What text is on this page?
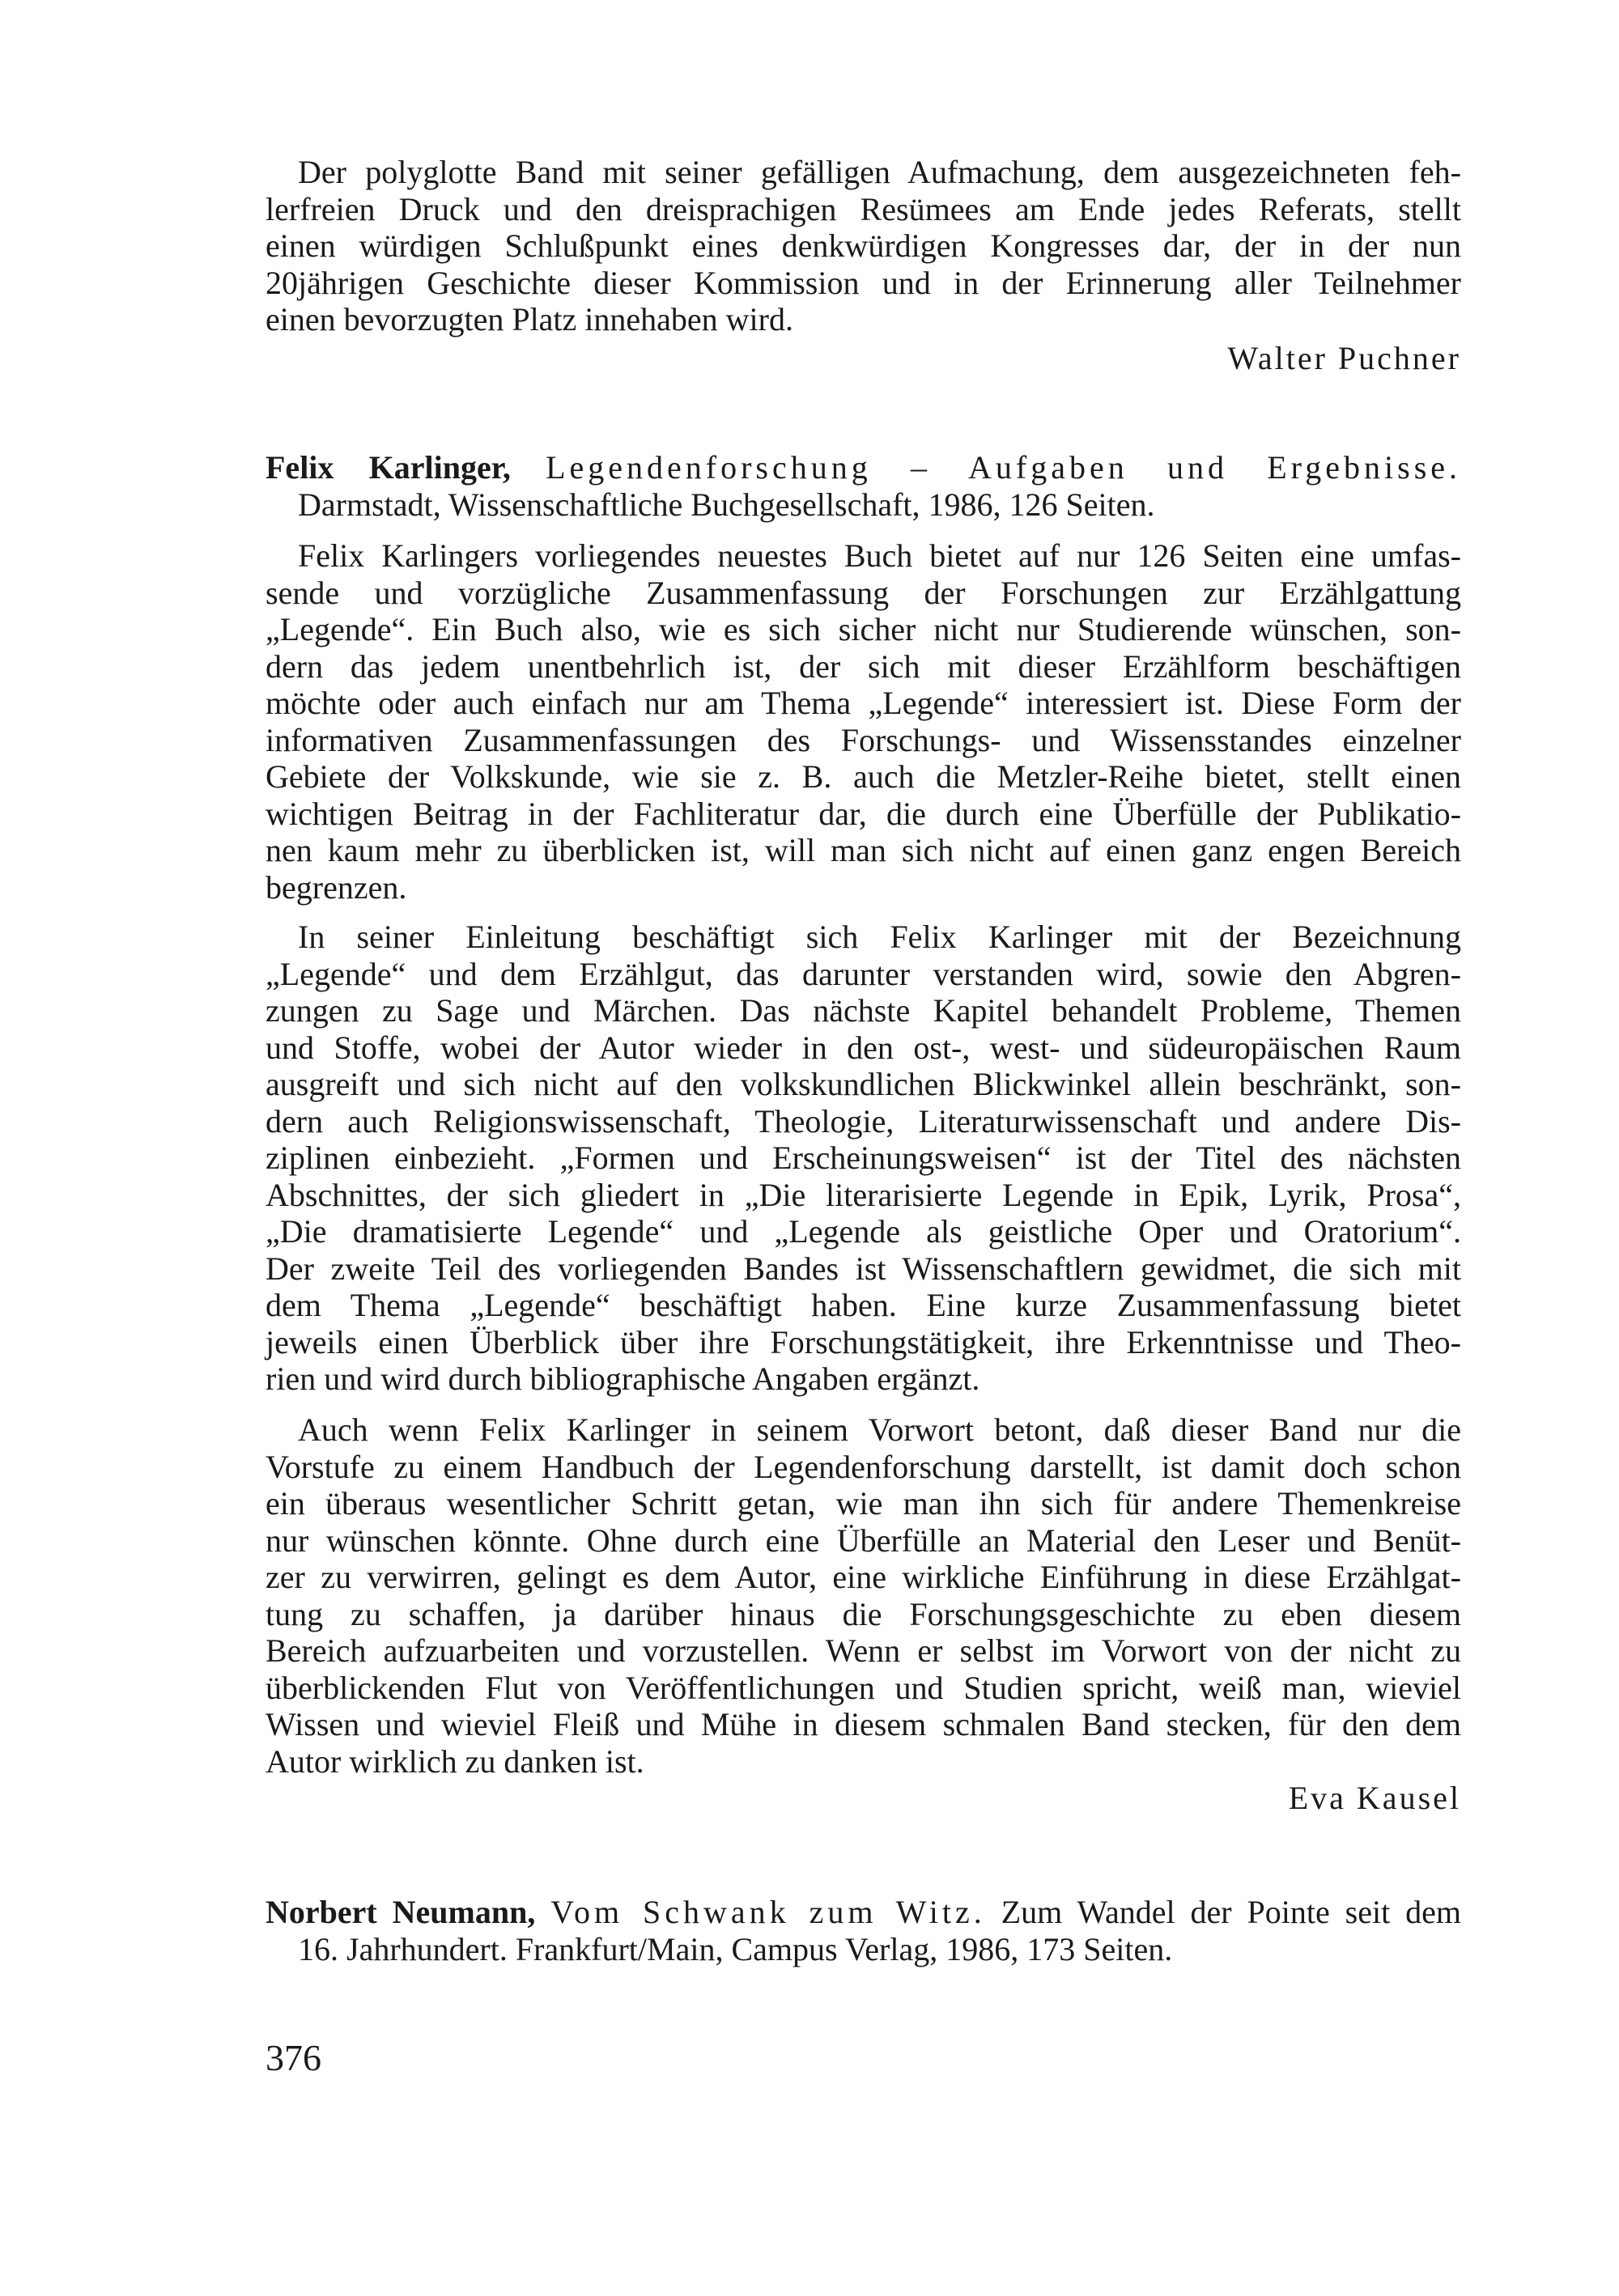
Der polyglotte Band mit seiner gefälligen Aufmachung, dem ausgezeichneten feh-
lerfreien Druck und den dreisprachigen Resümees am Ende jedes Referats, stellt
einen würdigen Schlußpunkt eines denkwürdigen Kongresses dar, der in der nun
20jährigen Geschichte dieser Kommission und in der Erinnerung aller Teilnehmer
einen bevorzugten Platz innehaben wird.
Walter Puchner
Felix Karlinger, Legendenforschung – Aufgaben und Ergebnisse.
Darmstadt, Wissenschaftliche Buchgesellschaft, 1986, 126 Seiten.
Felix Karlingers vorliegendes neuestes Buch bietet auf nur 126 Seiten eine umfas-
sende und vorzügliche Zusammenfassung der Forschungen zur Erzählgattung
„Legende“. Ein Buch also, wie es sich sicher nicht nur Studierende wünschen, son-
dern das jedem unentbehrlich ist, der sich mit dieser Erzählform beschäftigen
möchte oder auch einfach nur am Thema „Legende“ interessiert ist. Diese Form der
informativen Zusammenfassungen des Forschungs- und Wissensstandes einzelner
Gebiete der Volkskunde, wie sie z. B. auch die Metzler-Reihe bietet, stellt einen
wichtigen Beitrag in der Fachliteratur dar, die durch eine Überfülle der Publikatio-
nen kaum mehr zu überblicken ist, will man sich nicht auf einen ganz engen Bereich
begrenzen.
In seiner Einleitung beschäftigt sich Felix Karlinger mit der Bezeichnung
„Legende“ und dem Erzählgut, das darunter verstanden wird, sowie den Abgren-
zungen zu Sage und Märchen. Das nächste Kapitel behandelt Probleme, Themen
und Stoffe, wobei der Autor wieder in den ost-, west- und südeuropäischen Raum
ausgreift und sich nicht auf den volkskundlichen Blickwinkel allein beschränkt, son-
dern auch Religionswissenschaft, Theologie, Literaturwissenschaft und andere Dis-
ziplinen einbezieht. „Formen und Erscheinungsweisen“ ist der Titel des nächsten
Abschnittes, der sich gliedert in „Die literarisierte Legende in Epik, Lyrik, Prosa“,
„Die dramatisierte Legende“ und „Legende als geistliche Oper und Oratorium“.
Der zweite Teil des vorliegenden Bandes ist Wissenschaftlern gewidmet, die sich mit
dem Thema „Legende“ beschäftigt haben. Eine kurze Zusammenfassung bietet
jeweils einen Überblick über ihre Forschungstätigkeit, ihre Erkenntnisse und Theo-
rien und wird durch bibliographische Angaben ergänzt.
Auch wenn Felix Karlinger in seinem Vorwort betont, daß dieser Band nur die
Vorstufe zu einem Handbuch der Legendenforschung darstellt, ist damit doch schon
ein überaus wesentlicher Schritt getan, wie man ihn sich für andere Themenkreise
nur wünschen könnte. Ohne durch eine Überfülle an Material den Leser und Benüt-
zer zu verwirren, gelingt es dem Autor, eine wirkliche Einführung in diese Erzählgat-
tung zu schaffen, ja darüber hinaus die Forschungsgeschichte zu eben diesem
Bereich aufzuarbeiten und vorzustellen. Wenn er selbst im Vorwort von der nicht zu
überblickenden Flut von Veröffentlichungen und Studien spricht, weiß man, wieviel
Wissen und wieviel Fleiß und Mühe in diesem schmalen Band stecken, für den dem
Autor wirklich zu danken ist.
Eva Kausel
Norbert Neumann, Vom Schwank zum Witz. Zum Wandel der Pointe seit dem
16. Jahrhundert. Frankfurt/Main, Campus Verlag, 1986, 173 Seiten.
376
